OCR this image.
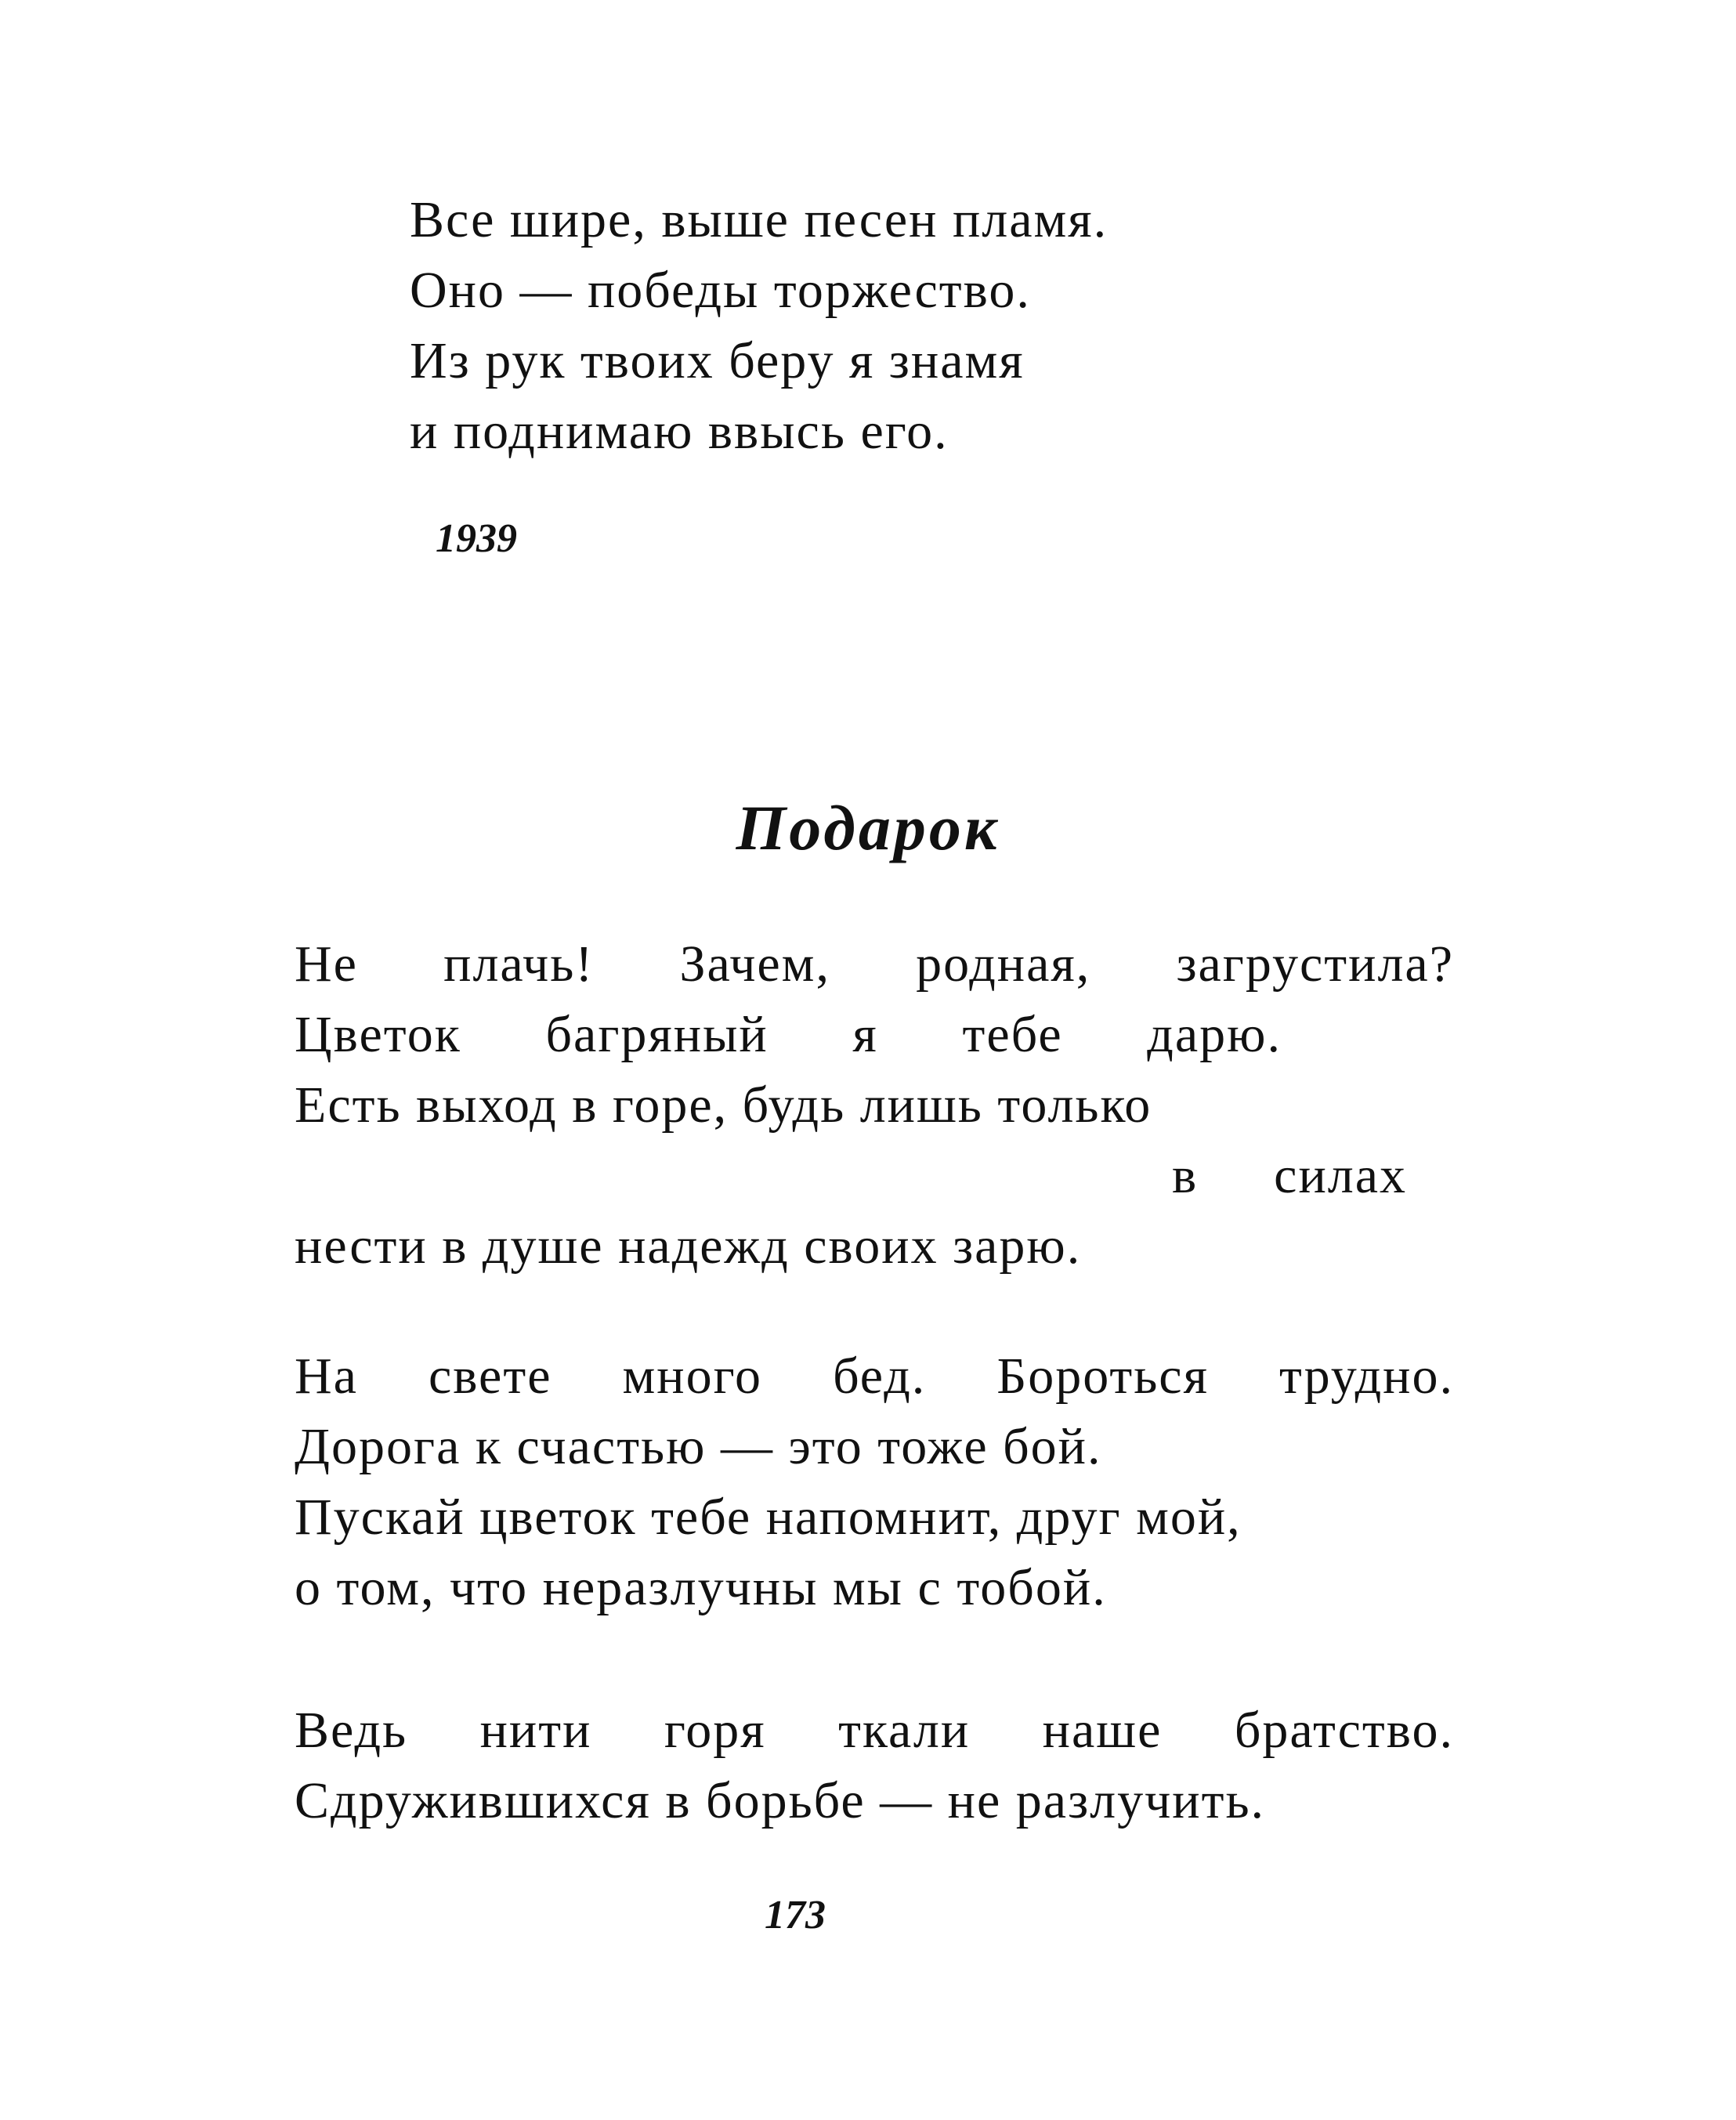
Все шире, выше песен пламя.
Оно — победы торжество.
Из рук твоих беру я знамя
и поднимаю ввысь его.
1939
Подарок
Не плачь! Зачем, родная, загрустила?
Цветок багряный я тебе дарю.
Есть выход в горе, будь лишь только
в силах
нести в душе надежд своих зарю.
На свете много бед. Бороться трудно.
Дорога к счастью — это тоже бой.
Пускай цветок тебе напомнит, друг мой,
о том, что неразлучны мы с тобой.
Ведь нити горя ткали наше братство.
Сдружившихся в борьбе — не разлучить.
173
